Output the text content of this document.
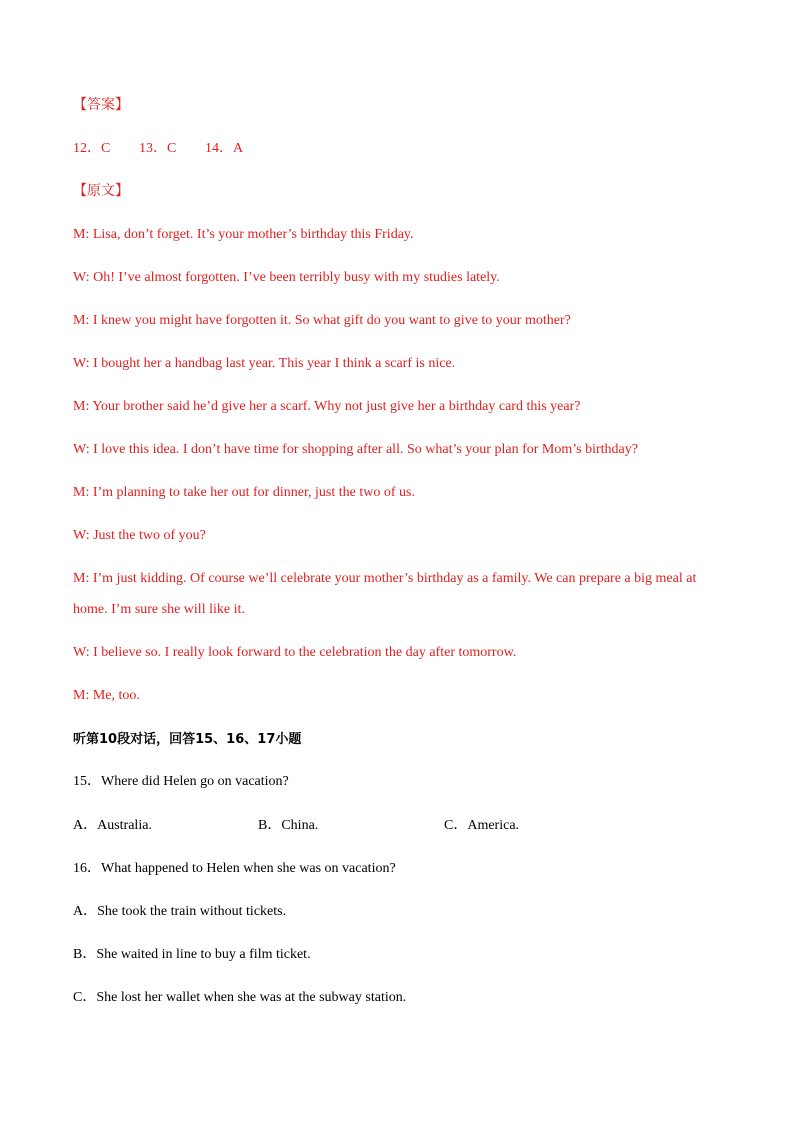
【答案】
12．C 13．C 14．A
【原文】
M: Lisa, don’t forget. It’s your mother’s birthday this Friday.
W: Oh! I’ve almost forgotten. I’ve been terribly busy with my studies lately.
M: I knew you might have forgotten it. So what gift do you want to give to your mother?
W: I bought her a handbag last year. This year I think a scarf is nice.
M: Your brother said he’d give her a scarf. Why not just give her a birthday card this year?
W: I love this idea. I don’t have time for shopping after all. So what’s your plan for Mom’s birthday?
M: I’m planning to take her out for dinner, just the two of us.
W: Just the two of you?
M: I’m just kidding. Of course we’ll celebrate your mother’s birthday as a family. We can prepare a big meal at home. I’m sure she will like it.
W: I believe so. I really look forward to the celebration the day after tomorrow.
M: Me, too.
听第10段对话，回答15、16、17小题
15．Where did Helen go on vacation?
A．Australia.	B．China.	C．America.
16．What happened to Helen when she was on vacation?
A．She took the train without tickets.
B．She waited in line to buy a film ticket.
C．She lost her wallet when she was at the subway station.
